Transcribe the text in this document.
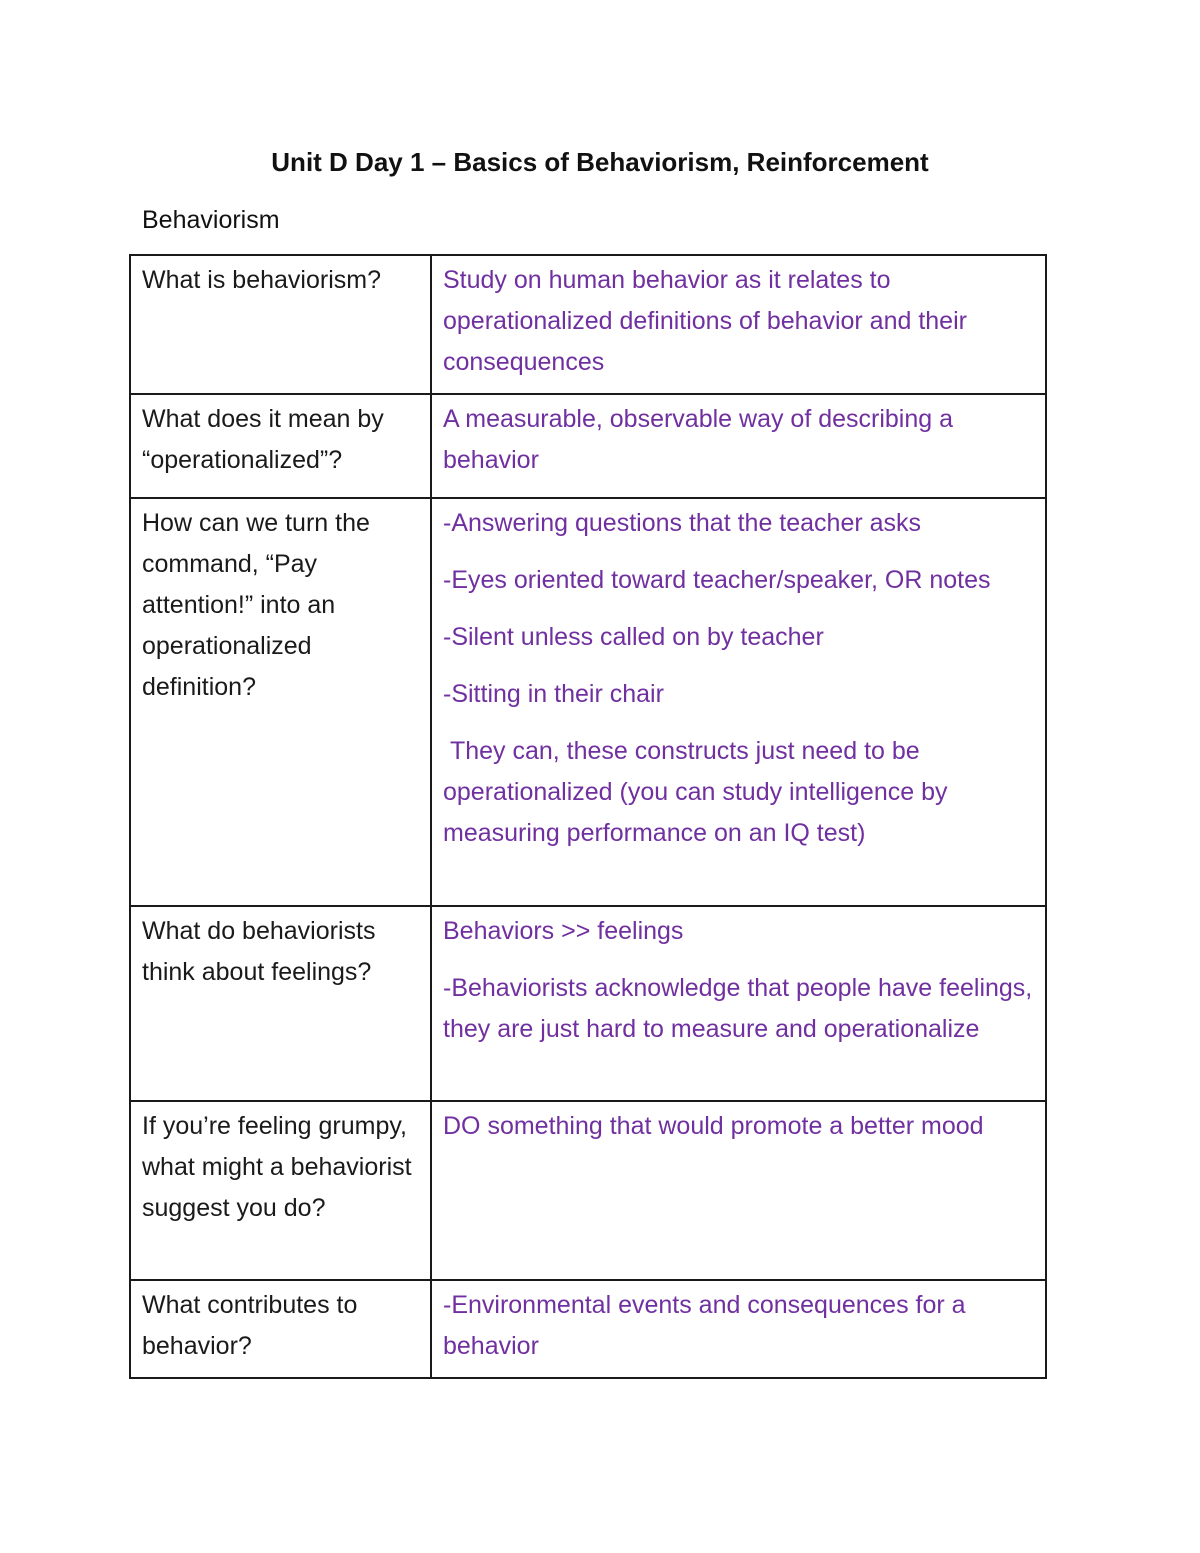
Unit D Day 1 – Basics of Behaviorism, Reinforcement
Behaviorism
What is behaviorism?	Study on human behavior as it relates to operationalized definitions of behavior and their consequences

What does it mean by “operationalized”?	A measurable, observable way of describing a behavior

How can we turn the command, “Pay attention!” into an operationalized definition?	-Answering questions that the teacher asks
-Eyes oriented toward teacher/speaker, OR notes
-Silent unless called on by teacher
-Sitting in their chair
They can, these constructs just need to be operationalized (you can study intelligence by measuring performance on an IQ test)

What do behaviorists think about feelings?	Behaviors >> feelings
-Behaviorists acknowledge that people have feelings, they are just hard to measure and operationalize

If you’re feeling grumpy, what might a behaviorist suggest you do?	DO something that would promote a better mood

What contributes to behavior?	-Environmental events and consequences for a behavior
